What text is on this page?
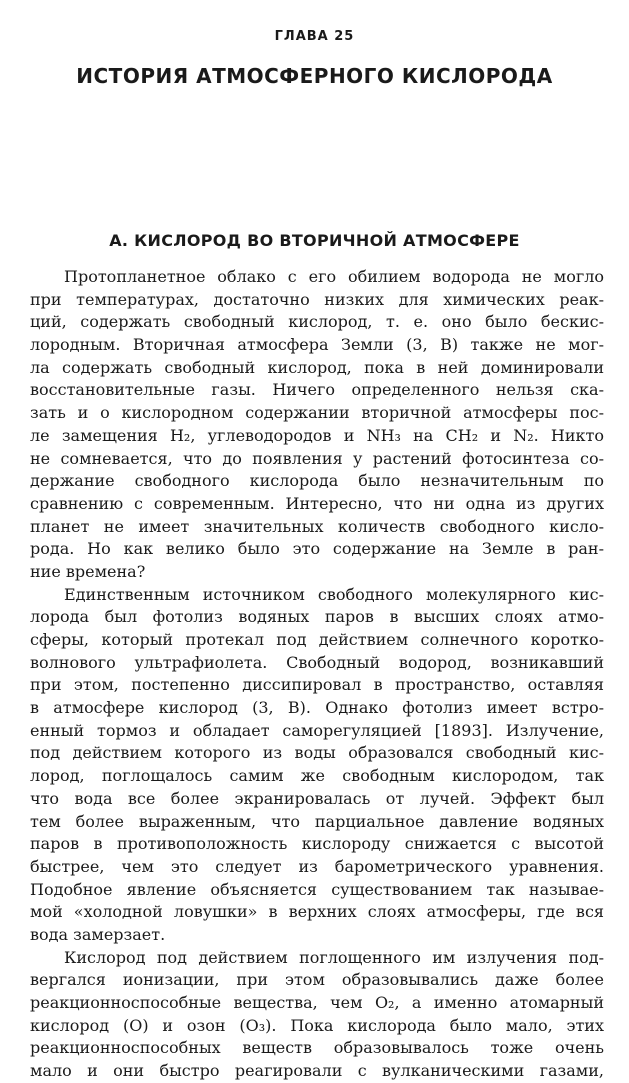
ГЛАВА 25
ИСТОРИЯ АТМОСФЕРНОГО КИСЛОРОДА
А. КИСЛОРОД ВО ВТОРИЧНОЙ АТМОСФЕРЕ
Протопланетное облако с его обилием водорода не могло
при температурах, достаточно низких для химических реак-
ций, содержать свободный кислород, т. е. оно было бескис-
лородным. Вторичная атмосфера Земли (3, В) также не мог-
ла содержать свободный кислород, пока в ней доминировали
восстановительные газы. Ничего определенного нельзя ска-
зать и о кислородном содержании вторичной атмосферы пос-
ле замещения H₂, углеводородов и NH₃ на CH₂ и N₂. Никто
не сомневается, что до появления у растений фотосинтеза со-
держание свободного кислорода было незначительным по
сравнению с современным. Интересно, что ни одна из других
планет не имеет значительных количеств свободного кисло-
рода. Но как велико было это содержание на Земле в ран-
ние времена?
Единственным источником свободного молекулярного кис-
лорода был фотолиз водяных паров в высших слоях атмо-
сферы, который протекал под действием солнечного коротко-
волнового ультрафиолета. Свободный водород, возникавший
при этом, постепенно диссипировал в пространство, оставляя
в атмосфере кислород (3, В). Однако фотолиз имеет встро-
енный тормоз и обладает саморегуляцией [1893]. Излучение,
под действием которого из воды образовался свободный кис-
лород, поглощалось самим же свободным кислородом, так
что вода все более экранировалась от лучей. Эффект был
тем более выраженным, что парциальное давление водяных
паров в противоположность кислороду снижается с высотой
быстрее, чем это следует из барометрического уравнения.
Подобное явление объясняется существованием так называе-
мой «холодной ловушки» в верхних слоях атмосферы, где вся
вода замерзает.
Кислород под действием поглощенного им излучения под-
вергался ионизации, при этом образовывались даже более
реакционноспособные вещества, чем O₂, а именно атомарный
кислород (O) и озон (O₃). Пока кислорода было мало, этих
реакционноспособных веществ образовывалось тоже очень
мало и они быстро реагировали с вулканическими газами,
